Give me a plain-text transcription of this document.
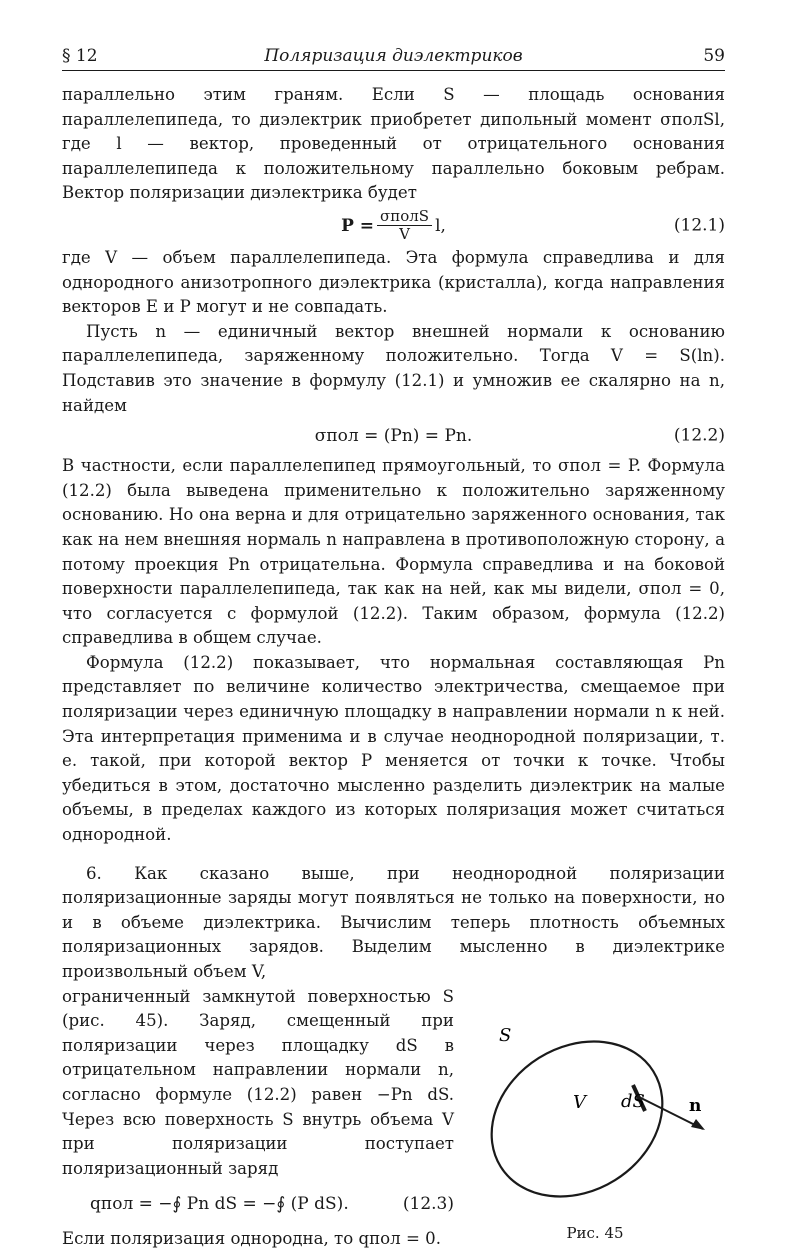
§ 12	Поляризация диэлектриков	59

параллельно этим граням. Если S — площадь основания параллелепипеда, то диэлектрик приобретет дипольный момент σполSl, где l — вектор, проведенный от отрицательного основания параллелепипеда к положительному параллельно боковым ребрам. Вектор поляризации диэлектрика будет

$P = \frac{\text{σполS}}{V} l$,	(12.1)

где V — объем параллелепипеда. Эта формула справедлива и для однородного анизотропного диэлектрика (кристалла), когда направления векторов E и P могут и не совпадать.

Пусть n — единичный вектор внешней нормали к основанию параллелепипеда, заряженному положительно. Тогда V = S(ln). Подставив это значение в формулу (12.1) и умножив ее скалярно на n, найдем

σпол = (Pn) = Pn.	(12.2)

В частности, если параллелепипед прямоугольный, то σпол = P. Формула (12.2) была выведена применительно к положительно заряженному основанию. Но она верна и для отрицательно заряженного основания, так как на нем внешняя нормаль n направлена в противоположную сторону, а потому проекция Pn отрицательна. Формула справедлива и на боковой поверхности параллелепипеда, так как на ней, как мы видели, σпол = 0, что согласуется с формулой (12.2). Таким образом, формула (12.2) справедлива в общем случае.

Формула (12.2) показывает, что нормальная составляющая Pn представляет по величине количество электричества, смещаемое при поляризации через единичную площадку в направлении нормали n к ней. Эта интерпретация применима и в случае неоднородной поляризации, т. е. такой, при которой вектор P меняется от точки к точке. Чтобы убедиться в этом, достаточно мысленно разделить диэлектрик на малые объемы, в пределах каждого из которых поляризация может считаться однородной.

6. Как сказано выше, при неоднородной поляризации поляризационные заряды могут появляться не только на поверхности, но и в объеме диэлектрика. Вычислим теперь плотность объемных поляризационных зарядов. Выделим мысленно в диэлектрике произвольный объем V,

ограниченный замкнутой поверхностью S (рис. 45). Заряд, смещенный при поляризации через площадку dS в отрицательном направлении нормали n, согласно формуле (12.2) равен −Pn dS. Через всю поверхность S внутрь объема V при поляризации поступает поляризационный заряд

qпол = −∮ Pn dS = −∮ (P dS).	(12.3)

Если поляризация однородна, то qпол = 0.

S
V dS	n
Рис. 45
